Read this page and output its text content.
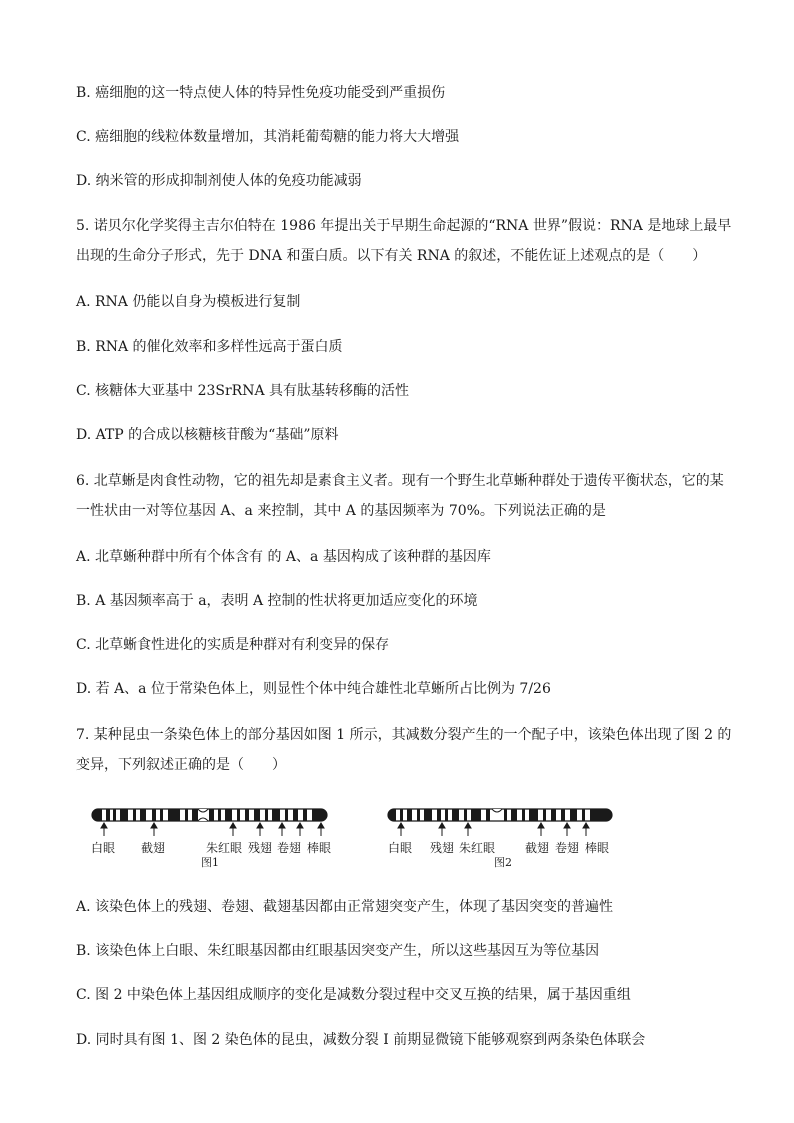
B. 癌细胞的这一特点使人体的特异性免疫功能受到严重损伤
C. 癌细胞的线粒体数量增加，其消耗葡萄糖的能力将大大增强
D. 纳米管的形成抑制剂使人体的免疫功能减弱
5. 诺贝尔化学奖得主吉尔伯特在 1986 年提出关于早期生命起源的“RNA 世界”假说：RNA 是地球上最早
出现的生命分子形式，先于 DNA 和蛋白质。以下有关 RNA 的叙述，不能佐证上述观点的是（　　）
A. RNA 仍能以自身为模板进行复制
B. RNA 的催化效率和多样性远高于蛋白质
C. 核糖体大亚基中 23SrRNA 具有肽基转移酶的活性
D. ATP 的合成以核糖核苷酸为“基础”原料
6. 北草蜥是肉食性动物，它的祖先却是素食主义者。现有一个野生北草蜥种群处于遗传平衡状态，它的某
一性状由一对等位基因 A、a 来控制，其中 A 的基因频率为 70%。下列说法正确的是
A. 北草蜥种群中所有个体含有 的 A、a 基因构成了该种群的基因库
B. A 基因频率高于 a，表明 A 控制的性状将更加适应变化的环境
C. 北草蜥食性进化的实质是种群对有利变异的保存
D. 若 A、a 位于常染色体上，则显性个体中纯合雄性北草蜥所占比例为 7/26
7. 某种昆虫一条染色体上的部分基因如图 1 所示，其减数分裂产生的一个配子中，该染色体出现了图 2 的
变异，下列叙述正确的是（　　）
白眼 截翅	朱红眼 残翅 卷翅 棒眼
图1
白眼 残翅 朱红眼 截翅 卷翅 棒眼
图2
A. 该染色体上的残翅、卷翅、截翅基因都由正常翅突变产生，体现了基因突变的普遍性
B. 该染色体上白眼、朱红眼基因都由红眼基因突变产生，所以这些基因互为等位基因
C. 图 2 中染色体上基因组成顺序的变化是减数分裂过程中交叉互换的结果，属于基因重组
D. 同时具有图 1、图 2 染色体的昆虫，减数分裂 I 前期显微镜下能够观察到两条染色体联会
